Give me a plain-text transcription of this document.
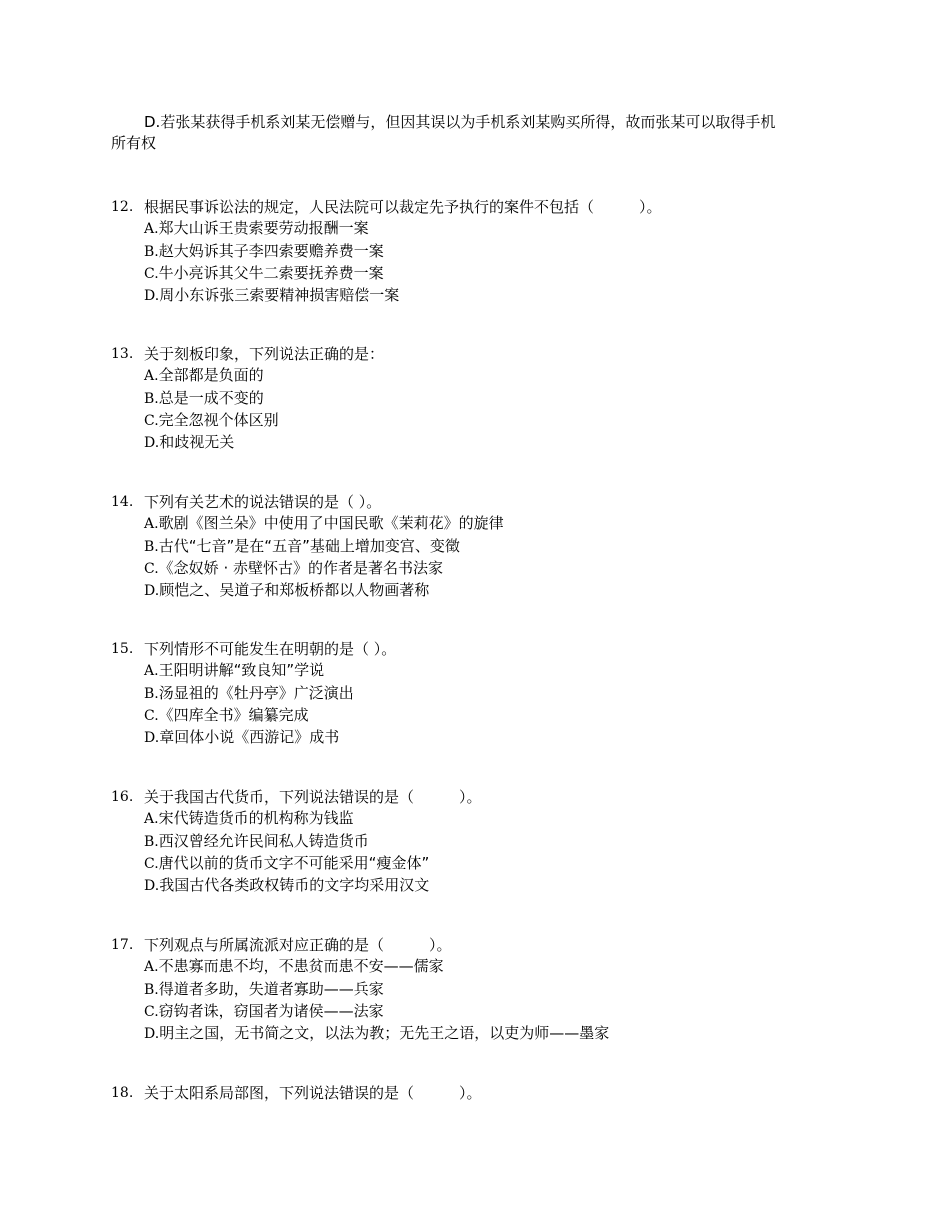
D.若张某获得手机系刘某无偿赠与，但因其误以为手机系刘某购买所得，故而张某可以取得手机
所有权
12. 根据民事诉讼法的规定，人民法院可以裁定先予执行的案件不包括（　　　）。
A.郑大山诉王贵索要劳动报酬一案
B.赵大妈诉其子李四索要赡养费一案
C.牛小亮诉其父牛二索要抚养费一案
D.周小东诉张三索要精神损害赔偿一案
13. 关于刻板印象，下列说法正确的是：
A.全部都是负面的
B.总是一成不变的
C.完全忽视个体区别
D.和歧视无关
14. 下列有关艺术的说法错误的是（ ）。
A.歌剧《图兰朵》中使用了中国民歌《茉莉花》的旋律
B.古代“七音”是在“五音”基础上增加变宫、变徵
C.《念奴娇 · 赤壁怀古》的作者是著名书法家
D.顾恺之、吴道子和郑板桥都以人物画著称
15. 下列情形不可能发生在明朝的是（ ）。
A.王阳明讲解“致良知”学说
B.汤显祖的《牡丹亭》广泛演出
C.《四库全书》编纂完成
D.章回体小说《西游记》成书
16. 关于我国古代货币，下列说法错误的是（　　　）。
A.宋代铸造货币的机构称为钱监
B.西汉曾经允许民间私人铸造货币
C.唐代以前的货币文字不可能采用“瘦金体”
D.我国古代各类政权铸币的文字均采用汉文
17. 下列观点与所属流派对应正确的是（　　　）。
A.不患寡而患不均，不患贫而患不安——儒家
B.得道者多助，失道者寡助——兵家
C.窃钩者诛，窃国者为诸侯——法家
D.明主之国，无书简之文，以法为教；无先王之语，以吏为师——墨家
18. 关于太阳系局部图，下列说法错误的是（　　　）。
